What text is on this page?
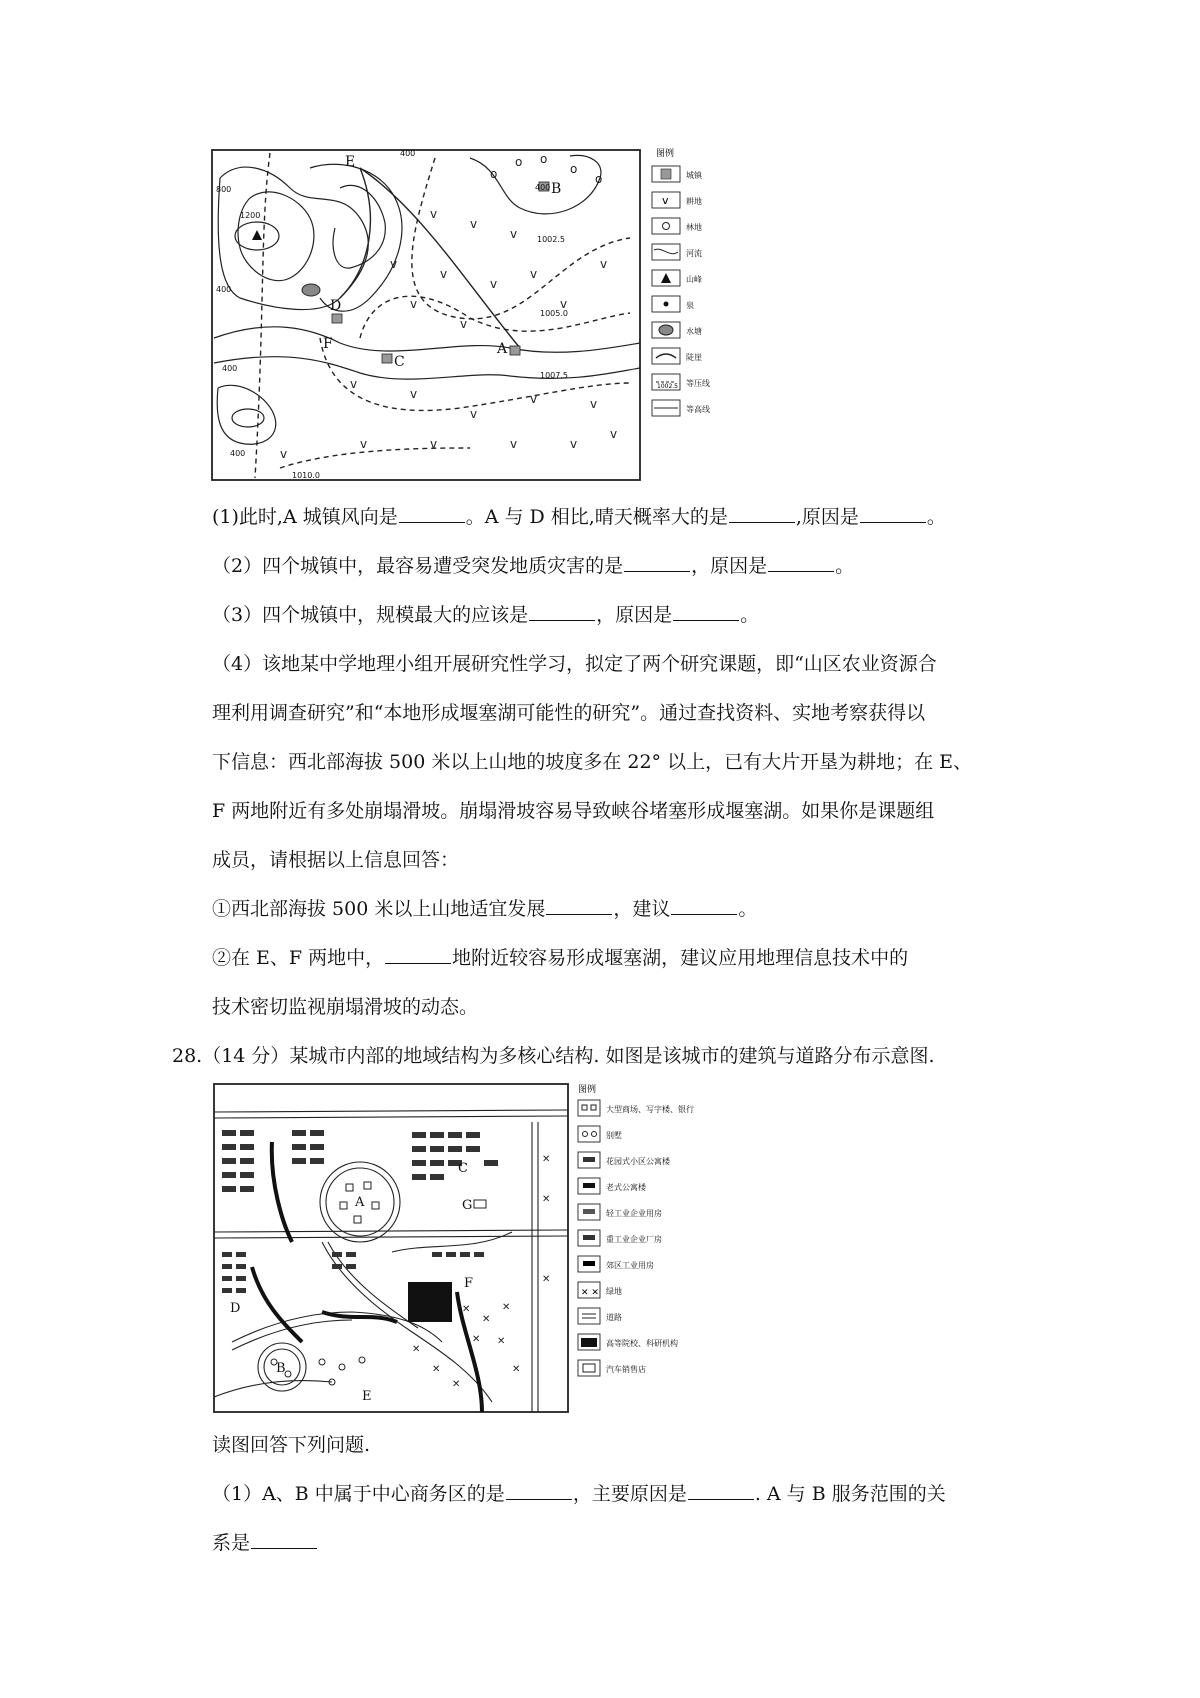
v
v
v
v
v
v
v
v
v
v
v
v
v
v
v	v
v	v	v	v
v
o
o o
o
o
v
A
B
C
D
E
F
400
800
1200
400
400
400
400
1002.5
1005.0
1007.5
1010.0
图例
v
1002.5
城镇
耕地
林地
河流
山峰
泉
水塘
陡崖
等压线
等高线
(1)此时,A 城镇风向是	。A 与 D 相比,晴天概率大的是	,原因是	。
（2）四个城镇中，最容易遭受突发地质灾害的是	，原因是	。
（3）四个城镇中，规模最大的应该是	，原因是	。
（4）该地某中学地理小组开展研究性学习，拟定了两个研究课题，即“山区农业资源合
理利用调查研究”和“本地形成堰塞湖可能性的研究”。通过查找资料、实地考察获得以
下信息：西北部海拔 500 米以上山地的坡度多在 22° 以上，已有大片开垦为耕地；在 E、
F 两地附近有多处崩塌滑坡。崩塌滑坡容易导致峡谷堵塞形成堰塞湖。如果你是课题组
成员，请根据以上信息回答：
①西北部海拔 500 米以上山地适宜发展	，建议	。
②在 E、F 两地中，	地附近较容易形成堰塞湖，建议应用地理信息技术中的
技术密切监视崩塌滑坡的动态。
28.（14 分）某城市内部的地域结构为多核心结构. 如图是该城市的建筑与道路分布示意图.
✕
✕
✕
✕ ✕
✕
✕
✕
✕
✕
✕
✕
A
B
C
D
E
F
G
图例
✕ ✕
大型商场、写字楼、银行
别墅
花园式小区公寓楼
老式公寓楼
轻工业企业用房
重工业企业厂房
郊区工业用房
绿地
道路
高等院校、科研机构
汽车销售店
读图回答下列问题.
（1）A、B 中属于中心商务区的是	，主要原因是	. A 与 B 服务范围的关
系是
